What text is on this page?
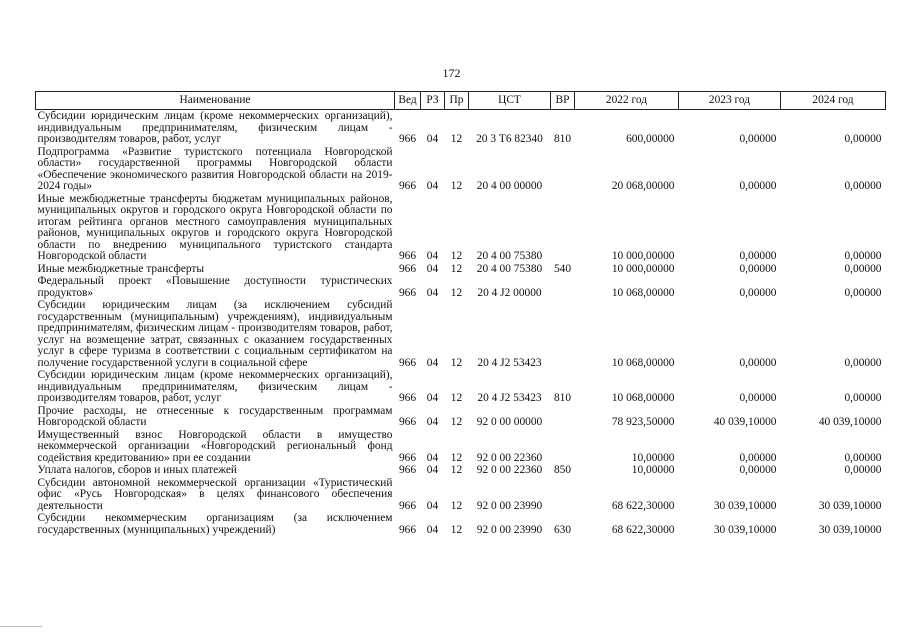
172
Наименование	Вед	РЗ	Пр	ЦСТ	ВР	2022 год	2023 год	2024 год
Субсидии юридическим лицам (кроме некоммерческих организаций), индивидуальным предпринимателям, физическим лицам - производителям товаров, работ, услуг	966	04	12	20 3 Т6 82340	810	600,00000	0,00000	0,00000
Подпрограмма «Развитие туристского потенциала Новгородской области» государственной программы Новгородской области «Обеспечение экономического развития Новгородской области на 2019-2024 годы»	966	04	12	20 4 00 00000		20 068,00000	0,00000	0,00000
Иные межбюджетные трансферты бюджетам муниципальных районов, муниципальных округов и городского округа Новгородской области по итогам рейтинга органов местного самоуправления муниципальных районов, муниципальных округов и городского округа Новгородской области по внедрению муниципального туристского стандарта Новгородской области	966	04	12	20 4 00 75380		10 000,00000	0,00000	0,00000
Иные межбюджетные трансферты	966	04	12	20 4 00 75380	540	10 000,00000	0,00000	0,00000
Федеральный проект «Повышение доступности туристических продуктов»	966	04	12	20 4 J2 00000		10 068,00000	0,00000	0,00000
Субсидии юридическим лицам (за исключением субсидий государственным (муниципальным) учреждениям), индивидуальным предпринимателям, физическим лицам - производителям товаров, работ, услуг на возмещение затрат, связанных с оказанием государственных услуг в сфере туризма в соответствии с социальным сертификатом на получение государственной услуги в социальной сфере	966	04	12	20 4 J2 53423		10 068,00000	0,00000	0,00000
Субсидии юридическим лицам (кроме некоммерческих организаций), индивидуальным предпринимателям, физическим лицам - производителям товаров, работ, услуг	966	04	12	20 4 J2 53423	810	10 068,00000	0,00000	0,00000
Прочие расходы, не отнесенные к государственным программам Новгородской области	966	04	12	92 0 00 00000		78 923,50000	40 039,10000	40 039,10000
Имущественный взнос Новгородской области в имущество некоммерческой организации «Новгородский региональный фонд содействия кредитованию» при ее создании	966	04	12	92 0 00 22360		10,00000	0,00000	0,00000
Уплата налогов, сборов и иных платежей	966	04	12	92 0 00 22360	850	10,00000	0,00000	0,00000
Субсидии автономной некоммерческой организации «Туристический офис «Русь Новгородская» в целях финансового обеспечения деятельности	966	04	12	92 0 00 23990		68 622,30000	30 039,10000	30 039,10000
Субсидии некоммерческим организациям (за исключением государственных (муниципальных) учреждений)	966	04	12	92 0 00 23990	630	68 622,30000	30 039,10000	30 039,10000
